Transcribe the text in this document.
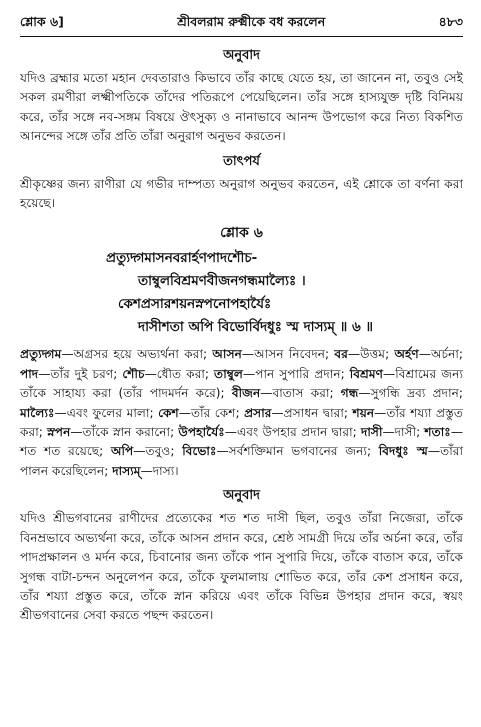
শ্লোক ৬]	শ্রীবলরাম রুক্মীকে বধ করলেন	৪৮৩
অনুবাদ

যদিও ব্রহ্মার মতো মহান দেবতারাও কিভাবে তাঁর কাছে যেতে হয়, তা জানেন না, তবুও সেই সকল রমণীরা লক্ষ্মীপতিকে তাঁদের পতিরূপে পেয়েছিলেন। তাঁর সঙ্গে হাস্যযুক্ত দৃষ্টি বিনিময় করে, তাঁর সঙ্গে নব-সঙ্গম বিষয়ে ঔৎসুক্য ও নানাভাবে আনন্দ উপভোগ করে নিত্য বিকশিত আনন্দের সঙ্গে তাঁর প্রতি তাঁরা অনুরাগ অনুভব করতেন।

তাৎপর্য

শ্রীকৃষ্ণের জন্য রাণীরা যে গভীর দাম্পত্য অনুরাগ অনুভব করতেন, এই শ্লোকে তা বর্ণনা করা হয়েছে।

শ্লোক ৬
প্রত্যুদ্গমাসনবরার্হণপাদশৌচ-
তাম্বুলবিশ্রমণবীজনগন্ধমাল্যৈঃ ।
কেশপ্রসারশয়নস্নপনোপহার্যৈঃ
দাসীশতা অপি বিভোর্বিদধুঃ স্ম দাস্যম্ ॥ ৬ ॥

প্রত্যুদ্গম—অগ্রসর হয়ে অভ্যর্থনা করা; আসন—আসন নিবেদন; বর—উত্তম; অর্হণ—অর্চনা; পাদ—তাঁর দুই চরণ; শৌচ—ধৌত করা; তাম্বুল—পান সুপারি প্রদান; বিশ্রমণ—বিশ্রামের জন্য তাঁকে সাহায্য করা (তাঁর পাদমর্দন করে); বীজন—বাতাস করা; গন্ধ—সুগন্ধি দ্রব্য প্রদান; মাল্যৈঃ—এবং ফুলের মালা; কেশ—তাঁর কেশ; প্রসার—প্রসাধন দ্বারা; শয়ন—তাঁর শয্যা প্রস্তুত করা; স্নপন—তাঁকে স্নান করানো; উপহার্যৈঃ—এবং উপহার প্রদান দ্বারা; দাসী—দাসী; শতাঃ—শত শত রয়েছে; অপি—তবুও; বিভোঃ—সর্বশক্তিমান ভগবানের জন্য; বিদধুঃ স্ম—তাঁরা পালন করেছিলেন; দাস্যম্—দাস্য।

অনুবাদ

যদিও শ্রীভগবানের রাণীদের প্রত্যেকের শত শত দাসী ছিল, তবুও তাঁরা নিজেরা, তাঁকে বিনম্রভাবে অভ্যর্থনা করে, তাঁকে আসন প্রদান করে, শ্রেষ্ঠ সামগ্রী দিয়ে তাঁর অর্চনা করে, তাঁর পাদপ্রক্ষালন ও মর্দন করে, চিবানোর জন্য তাঁকে পান সুপারি দিয়ে, তাঁকে বাতাস করে, তাঁকে সুগন্ধ বাটা-চন্দন অনুলেপন করে, তাঁকে ফুলমালায় শোভিত করে, তাঁর কেশ প্রসাধন করে, তাঁর শয্যা প্রস্তুত করে, তাঁকে স্নান করিয়ে এবং তাঁকে বিভিন্ন উপহার প্রদান করে, স্বয়ং শ্রীভগবানের সেবা করতে পছন্দ করতেন।
